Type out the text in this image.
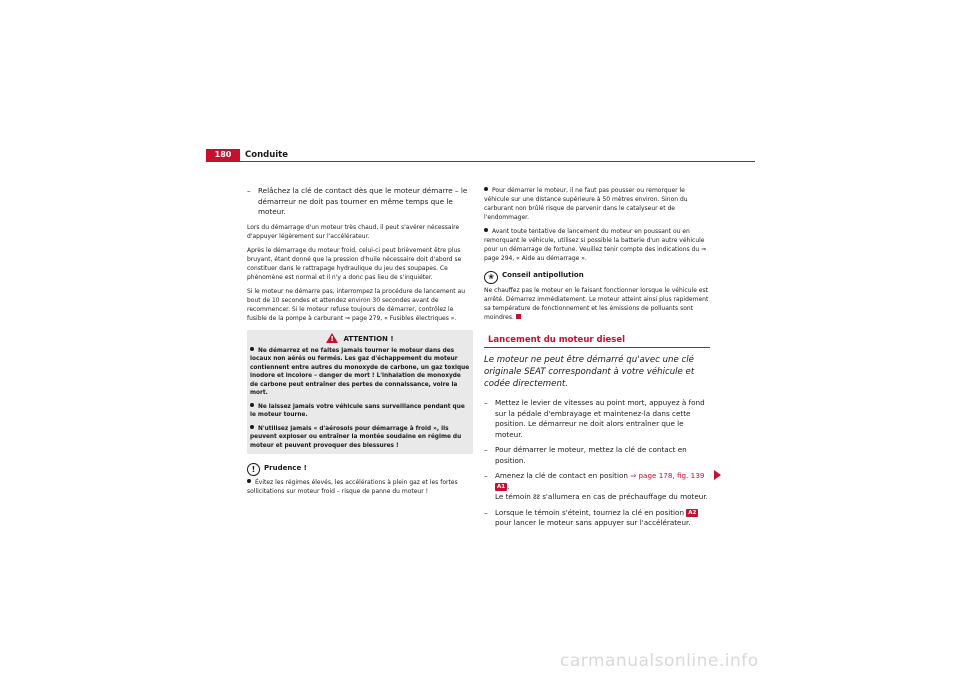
180	Conduite
– Relâchez la clé de contact dès que le moteur démarre – le démarreur ne doit pas tourner en même temps que le moteur.

Lors du démarrage d'un moteur très chaud, il peut s'avérer nécessaire d'appuyer légèrement sur l'accélérateur.

Après le démarrage du moteur froid, celui-ci peut brièvement être plus bruyant, étant donné que la pression d'huile nécessaire doit d'abord se constituer dans le rattrapage hydraulique du jeu des soupapes. Ce phénomène est normal et il n'y a donc pas lieu de s'inquiéter.

Si le moteur ne démarre pas, interrompez la procédure de lancement au bout de 10 secondes et attendez environ 30 secondes avant de recommencer. Si le moteur refuse toujours de démarrer, contrôlez le fusible de la pompe à carburant ⇒ page 279, « Fusibles électriques ».

! ATTENTION !
Ne démarrez et ne faites jamais tourner le moteur dans des locaux non aérés ou fermés. Les gaz d'échappement du moteur contiennent entre autres du monoxyde de carbone, un gaz toxique inodore et incolore – danger de mort ! L'inhalation de monoxyde de carbone peut entraîner des pertes de connaissance, voire la mort.
Ne laissez jamais votre véhicule sans surveillance pendant que le moteur tourne.
N'utilisez jamais « d'aérosols pour démarrage à froid », ils peuvent exploser ou entraîner la montée soudaine en régime du moteur et peuvent provoquer des blessures !
! Prudence !
Évitez les régimes élevés, les accélérations à plein gaz et les fortes sollicitations sur moteur froid – risque de panne du moteur !
Pour démarrer le moteur, il ne faut pas pousser ou remorquer le véhicule sur une distance supérieure à 50 mètres environ. Sinon du carburant non brûlé risque de parvenir dans le catalyseur et de l'endommager.
Avant toute tentative de lancement du moteur en poussant ou en remorquant le véhicule, utilisez si possible la batterie d'un autre véhicule pour un démarrage de fortune. Veuillez tenir compte des indications du ⇒ page 294, « Aide au démarrage ».
❀ Conseil antipollution

Ne chauffez pas le moteur en le faisant fonctionner lorsque le véhicule est arrêté. Démarrez immédiatement. Le moteur atteint ainsi plus rapidement sa température de fonctionnement et les émissions de polluants sont moindres.

Lancement du moteur diesel

Le moteur ne peut être démarré qu'avec une clé originale SEAT correspondant à votre véhicule et codée directement.

– Mettez le levier de vitesses au point mort, appuyez à fond sur la pédale d'embrayage et maintenez-la dans cette position. Le démarreur ne doit alors entraîner que le moteur.
– Pour démarrer le moteur, mettez la clé de contact en position.
– Amenez la clé de contact en position ⇒ page 178, fig. 139 A1 .
Le témoin ᴤᴤ s'allumera en cas de préchauffage du moteur.
– Lorsque le témoin s'éteint, tournez la clé en position A2 pour lancer le moteur sans appuyer sur l'accélérateur.
carmanualsonline.info
